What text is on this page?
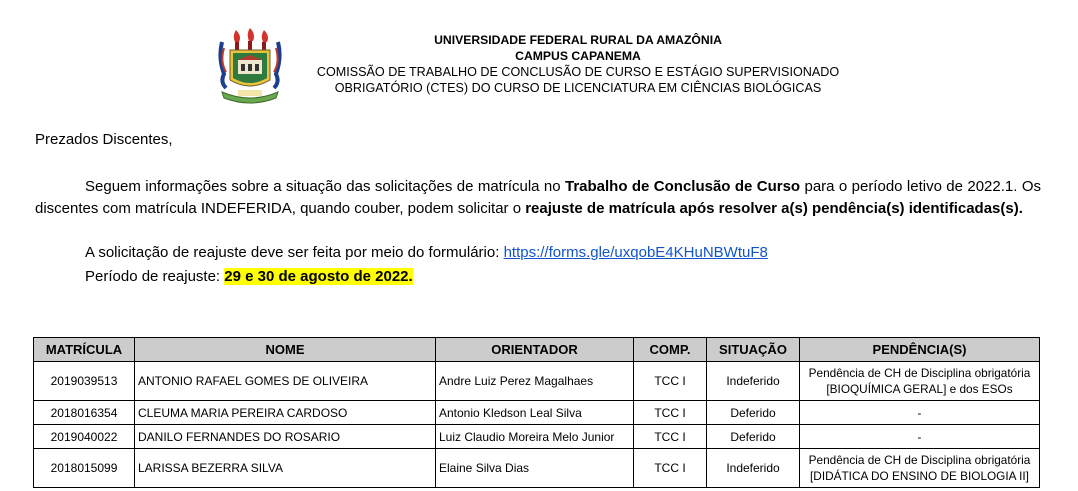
UNIVERSIDADE FEDERAL RURAL DA AMAZÔNIA
CAMPUS CAPANEMA
COMISSÃO DE TRABALHO DE CONCLUSÃO DE CURSO E ESTÁGIO SUPERVISIONADO
OBRIGATÓRIO (CTES) DO CURSO DE LICENCIATURA EM CIÊNCIAS BIOLÓGICAS
Prezados Discentes,
Seguem informações sobre a situação das solicitações de matrícula no Trabalho de Conclusão de Curso para o período letivo de 2022.1. Os discentes com matrícula INDEFERIDA, quando couber, podem solicitar o reajuste de matrícula após resolver a(s) pendência(s) identificadas(s).
A solicitação de reajuste deve ser feita por meio do formulário: https://forms.gle/uxqobE4KHuNBWtuF8
Período de reajuste: 29 e 30 de agosto de 2022.
MATRÍCULA	NOME	ORIENTADOR	COMP.	SITUAÇÃO	PENDÊNCIA(S)
2019039513	ANTONIO RAFAEL GOMES DE OLIVEIRA	Andre Luiz Perez Magalhaes	TCC I	Indeferido	Pendência de CH de Disciplina obrigatória
[BIOQUÍMICA GERAL] e dos ESOs

2018016354	CLEUMA MARIA PEREIRA CARDOSO	Antonio Kledson Leal Silva	TCC I	Deferido	-
2019040022	DANILO FERNANDES DO ROSARIO	Luiz Claudio Moreira Melo Junior	TCC I	Deferido	-
2018015099	LARISSA BEZERRA SILVA	Elaine Silva Dias	TCC I	Indeferido	Pendência de CH de Disciplina obrigatória
[DIDÁTICA DO ENSINO DE BIOLOGIA II]
